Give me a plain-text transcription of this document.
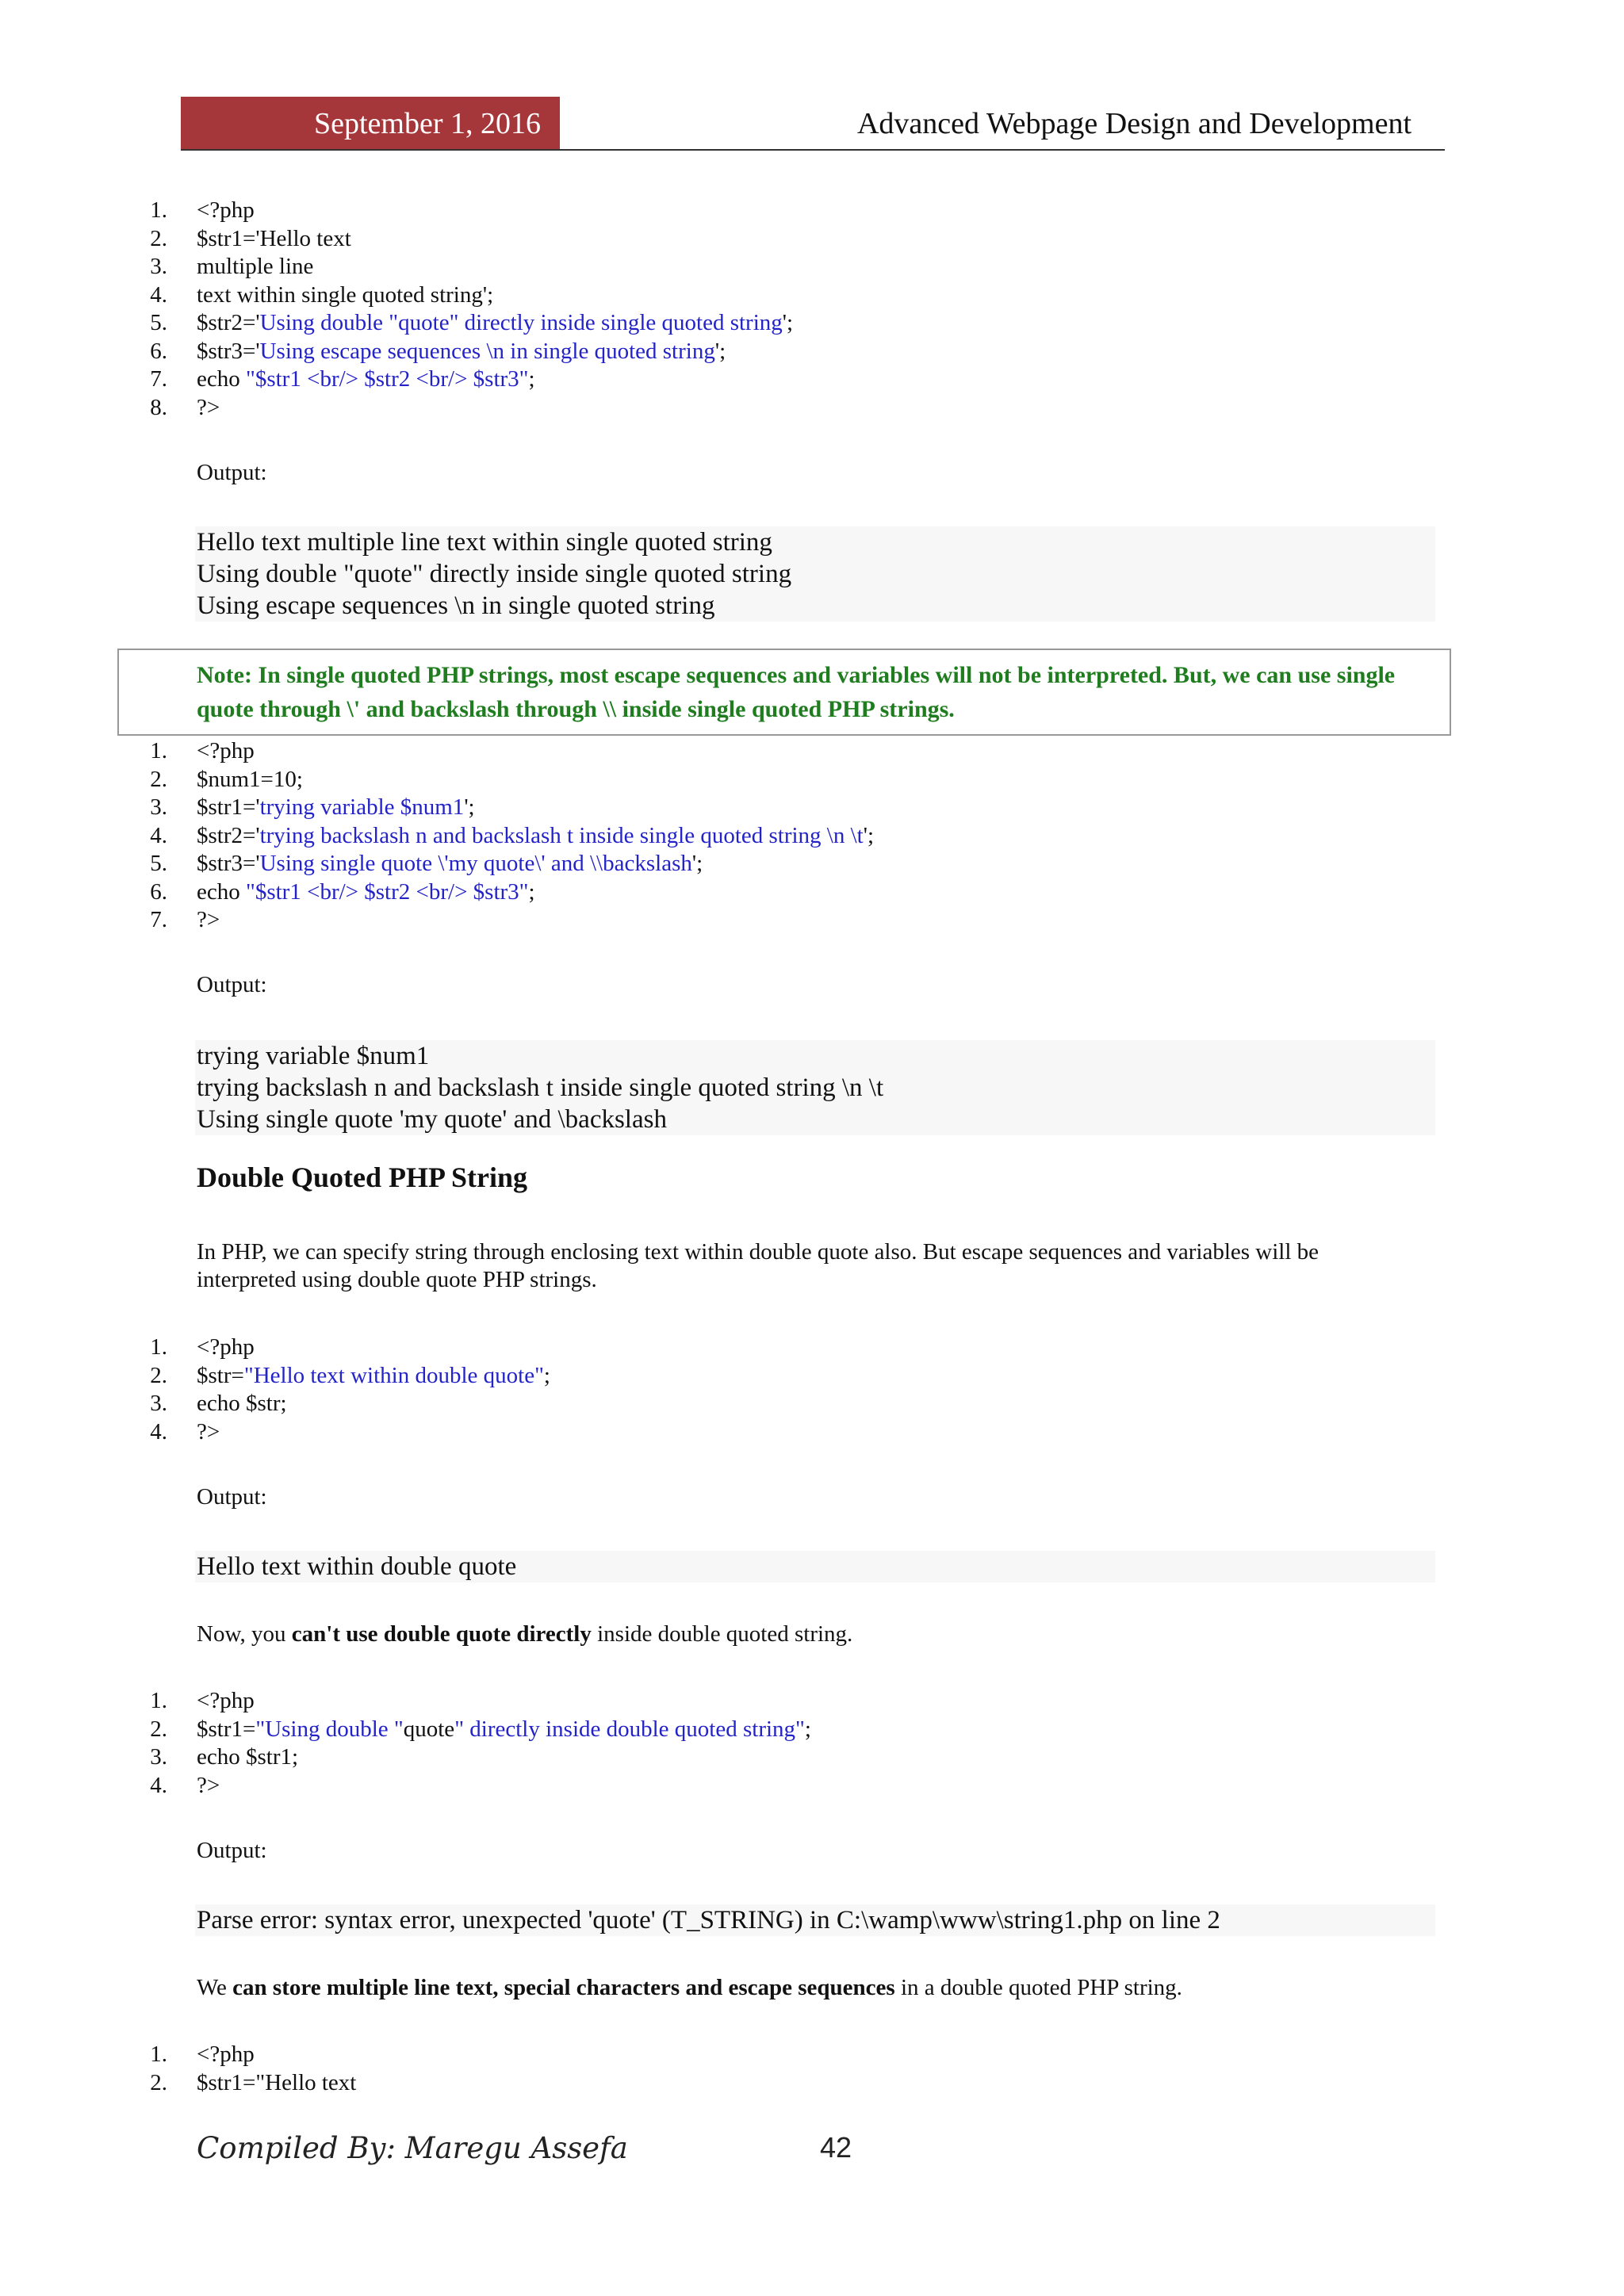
September 1, 2016	Advanced Webpage Design and Development
1. <?php
2. $str1='Hello text
3. multiple line
4. text within single quoted string';
5. $str2='Using double "quote" directly inside single quoted string';
6. $str3='Using escape sequences \n in single quoted string';
7. echo "$str1 <br/> $str2 <br/> $str3";
8. ?>
Output:
Hello text multiple line text within single quoted string
Using double "quote" directly inside single quoted string
Using escape sequences \n in single quoted string
Note: In single quoted PHP strings, most escape sequences and variables will not be interpreted. But, we can use single quote through \' and backslash through \\ inside single quoted PHP strings.
1. <?php
2. $num1=10;
3. $str1='trying variable $num1';
4. $str2='trying backslash n and backslash t inside single quoted string \n \t';
5. $str3='Using single quote \'my quote\' and \\backslash';
6. echo "$str1 <br/> $str2 <br/> $str3";
7. ?>
Output:
trying variable $num1
trying backslash n and backslash t inside single quoted string \n \t
Using single quote 'my quote' and \backslash
Double Quoted PHP String
In PHP, we can specify string through enclosing text within double quote also. But escape sequences and variables will be interpreted using double quote PHP strings.
1. <?php
2. $str="Hello text within double quote";
3. echo $str;
4. ?>
Output:
Hello text within double quote
Now, you can't use double quote directly inside double quoted string.
1. <?php
2. $str1="Using double "quote" directly inside double quoted string";
3. echo $str1;
4. ?>
Output:
Parse error: syntax error, unexpected 'quote' (T_STRING) in C:\wamp\www\string1.php on line 2
We can store multiple line text, special characters and escape sequences in a double quoted PHP string.
1. <?php
2. $str1="Hello text
Compiled By: Maregu Assefa	42
